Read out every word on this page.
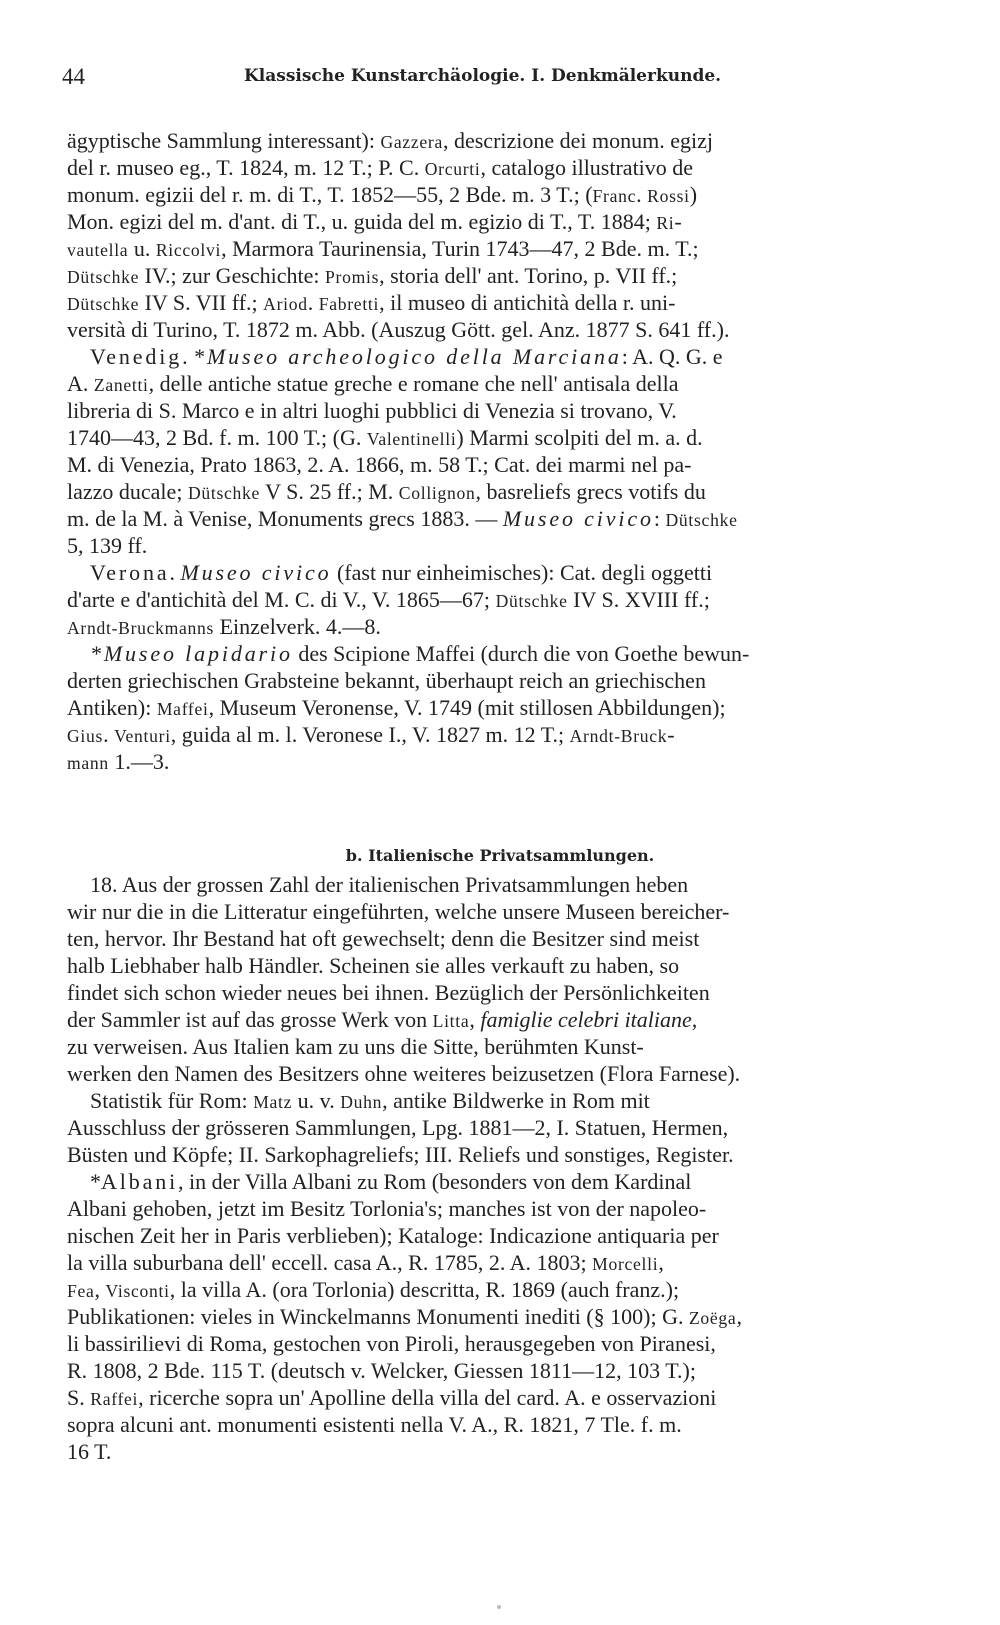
44	Klassische Kunstarchäologie. I. Denkmälerkunde.
ägyptische Sammlung interessant): Gazzera, descrizione dei monum. egizj
del r. museo eg., T. 1824, m. 12 T.; P. C. Orcurti, catalogo illustrativo de
monum. egizii del r. m. di T., T. 1852—55, 2 Bde. m. 3 T.; (Franc. Rossi)
Mon. egizi del m. d'ant. di T., u. guida del m. egizio di T., T. 1884; Ri-
vautella u. Riccolvi, Marmora Taurinensia, Turin 1743—47, 2 Bde. m. T.;
Dütschke IV.; zur Geschichte: Promis, storia dell' ant. Torino, p. VII ff.;
Dütschke IV S. VII ff.; Ariod. Fabretti, il museo di antichità della r. uni-
versità di Turino, T. 1872 m. Abb. (Auszug Gött. gel. Anz. 1877 S. 641 ff.).
Venedig. *Museo archeologico della Marciana: A. Q. G. e
A. Zanetti, delle antiche statue greche e romane che nell' antisala della
libreria di S. Marco e in altri luoghi pubblici di Venezia si trovano, V.
1740—43, 2 Bd. f. m. 100 T.; (G. Valentinelli) Marmi scolpiti del m. a. d.
M. di Venezia, Prato 1863, 2. A. 1866, m. 58 T.; Cat. dei marmi nel pa-
lazzo ducale; Dütschke V S. 25 ff.; M. Collignon, basreliefs grecs votifs du
m. de la M. à Venise, Monuments grecs 1883. — Museo civico: Dütschke
5, 139 ff.
Verona. Museo civico (fast nur einheimisches): Cat. degli oggetti
d'arte e d'antichità del M. C. di V., V. 1865—67; Dütschke IV S. XVIII ff.;
Arndt-Bruckmanns Einzelverk. 4.—8.
*Museo lapidario des Scipione Maffei (durch die von Goethe bewun-
derten griechischen Grabsteine bekannt, überhaupt reich an griechischen
Antiken): Maffei, Museum Veronense, V. 1749 (mit stillosen Abbildungen);
Gius. Venturi, guida al m. l. Veronese I., V. 1827 m. 12 T.; Arndt-Bruck-
mann 1.—3.
18. Aus der grossen Zahl der italienischen Privatsammlungen heben
wir nur die in die Litteratur eingeführten, welche unsere Museen bereicher-
ten, hervor. Ihr Bestand hat oft gewechselt; denn die Besitzer sind meist
halb Liebhaber halb Händler. Scheinen sie alles verkauft zu haben, so
findet sich schon wieder neues bei ihnen. Bezüglich der Persönlichkeiten
der Sammler ist auf das grosse Werk von Litta, famiglie celebri italiane,
zu verweisen. Aus Italien kam zu uns die Sitte, berühmten Kunst-
werken den Namen des Besitzers ohne weiteres beizusetzen (Flora Farnese).
Statistik für Rom: Matz u. v. Duhn, antike Bildwerke in Rom mit
Ausschluss der grösseren Sammlungen, Lpg. 1881—2, I. Statuen, Hermen,
Büsten und Köpfe; II. Sarkophagreliefs; III. Reliefs und sonstiges, Register.
*Albani, in der Villa Albani zu Rom (besonders von dem Kardinal
Albani gehoben, jetzt im Besitz Torlonia's; manches ist von der napoleo-
nischen Zeit her in Paris verblieben); Kataloge: Indicazione antiquaria per
la villa suburbana dell' eccell. casa A., R. 1785, 2. A. 1803; Morcelli,
Fea, Visconti, la villa A. (ora Torlonia) descritta, R. 1869 (auch franz.);
Publikationen: vieles in Winckelmanns Monumenti inediti (§ 100); G. Zoëga,
li bassirilievi di Roma, gestochen von Piroli, herausgegeben von Piranesi,
R. 1808, 2 Bde. 115 T. (deutsch v. Welcker, Giessen 1811—12, 103 T.);
S. Raffei, ricerche sopra un' Apolline della villa del card. A. e osservazioni
sopra alcuni ant. monumenti esistenti nella V. A., R. 1821, 7 Tle. f. m.
16 T.
b. Italienische Privatsammlungen.
